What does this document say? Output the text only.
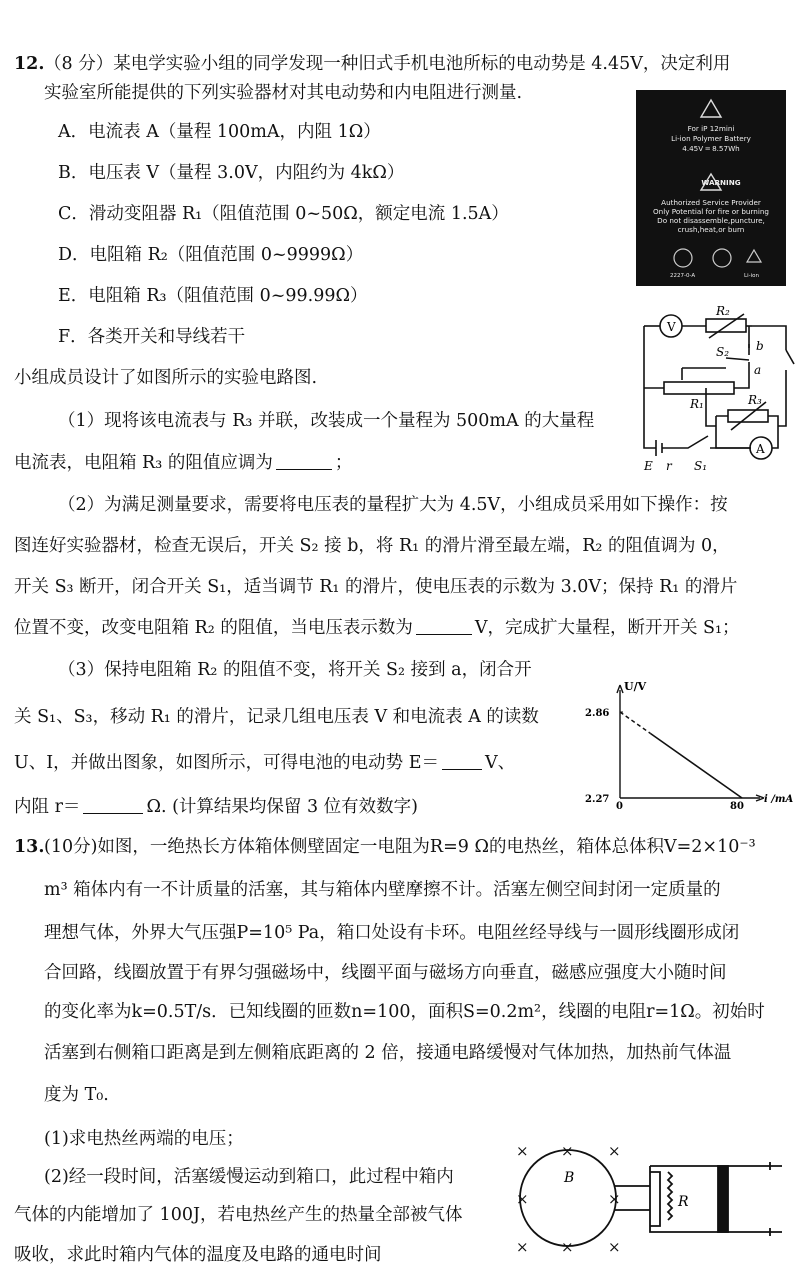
12. （8 分）某电学实验小组的同学发现一种旧式手机电池所标的电动势是 4.45V，决定利用
实验室所能提供的下列实验器材对其电动势和内电阻进行测量.
A．电流表 A（量程 100mA，内阻 1Ω）
B．电压表 V（量程 3.0V，内阻约为 4kΩ）
C．滑动变阻器 R₁（阻值范围 0~50Ω，额定电流 1.5A）
D．电阻箱 R₂（阻值范围 0~9999Ω）
E．电阻箱 R₃（阻值范围 0~99.99Ω）
F．各类开关和导线若干
小组成员设计了如图所示的实验电路图.
（1）现将该电流表与 R₃ 并联，改装成一个量程为 500mA 的大量程
电流表，电阻箱 R₃ 的阻值应调为	；
（2）为满足测量要求，需要将电压表的量程扩大为 4.5V，小组成员采用如下操作：按
图连好实验器材，检查无误后，开关 S₂ 接 b，将 R₁ 的滑片滑至最左端，R₂ 的阻值调为 0，
开关 S₃ 断开，闭合开关 S₁，适当调节 R₁ 的滑片，使电压表的示数为 3.0V；保持 R₁ 的滑片
位置不变，改变电阻箱 R₂ 的阻值，当电压表示数为	V，完成扩大量程，断开开关 S₁；
（3）保持电阻箱 R₂ 的阻值不变，将开关 S₂ 接到 a，闭合开
关 S₁、S₃，移动 R₁ 的滑片，记录几组电压表 V 和电流表 A 的读数
U、I，并做出图象，如图所示，可得电池的电动势 E＝	V、
内阻 r＝	Ω. (计算结果均保留 3 位有效数字)
For iP 12mini
Li-ion Polymer Battery
4.45V ═ 8.57Wh
WARNING
Authorized Service Provider
Only Potential for fire or burning
Do not disassemble,puncture,
crush,heat,or burn
2227-0-A	Li-ion
V
A
R₂
S₂ b
a
R₁	R₃
E r S₁
U/V
2.86
2.27
0	80
i /mA
13. (10分)如图，一绝热长方体箱体侧壁固定一电阻为R=9 Ω的电热丝，箱体总体积V=2×10⁻³
m³ 箱体内有一不计质量的活塞，其与箱体内壁摩擦不计。活塞左侧空间封闭一定质量的
理想气体，外界大气压强P=10⁵ Pa，箱口处设有卡环。电阻丝经导线与一圆形线圈形成闭
合回路，线圈放置于有界匀强磁场中，线圈平面与磁场方向垂直，磁感应强度大小随时间
的变化率为k=0.5T/s．已知线圈的匝数n=100，面积S=0.2m²，线圈的电阻r=1Ω。初始时
活塞到右侧箱口距离是到左侧箱底距离的 2 倍，接通电路缓慢对气体加热，加热前气体温
度为 T₀.
(1)求电热丝两端的电压；
(2)经一段时间，活塞缓慢运动到箱口，此过程中箱内
气体的内能增加了 100J，若电热丝产生的热量全部被气体
吸收，求此时箱内气体的温度及电路的通电时间
× × ×
×	×
× × ×
B
R
